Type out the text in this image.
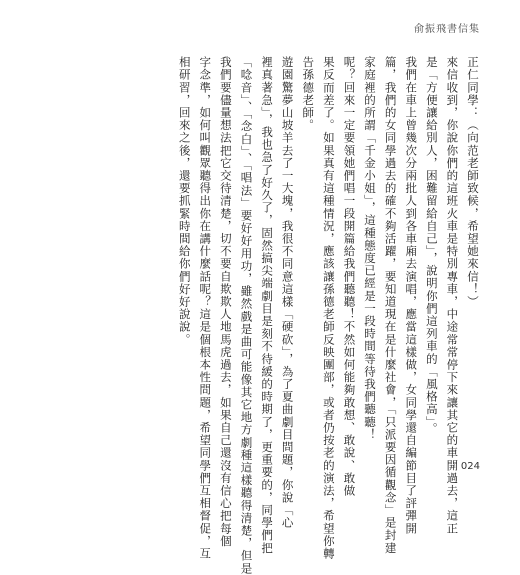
俞振飛書信集
正仁同學：（向范老師致候，希望她來信！）
來信收到，你說你們的這班火車是特別專車，中途常常停下來讓其它的車開過去，這正
是「方便讓給別人，困難留給自己」，說明你們這列車的「風格高」。
我們在車上曾幾次分兩批人到各車廂去演唱，應當這樣做，女同學還自編節目了評彈開
篇，我們的女同學過去的確不夠活躍，要知道現在是什麼社會，「只派要因循觀念」是封建
家庭裡的所謂「千金小姐」，這種態度已經是一段時間等待我們聽聽！
呢？回來一定要領她們唱一段開篇給我們聽聽！不然如何能夠敢想、敢說、敢做
果反而差了。如果真有這種情況，應該讓孫德老師反映團部，或者仍按老的演法，希望你轉
告孫德老師。
遊園驚夢山坡羊去了一大塊，我很不同意這樣「硬砍」，為了夏曲劇目問題，你說「心
裡真著急」，我也急了好久了，固然搞尖端劇目是刻不待緩的時期了，更重要的，同學們把
「唸音」、「念白」、「唱法」要好好用功，雖然戲是曲可能像其它地方劇種這樣聽得清楚，但是
我們要儘量想法把它交待清楚，切不要自欺欺人地馬虎過去，如果自己還沒有信心把每個
字念準，如何叫觀眾聽得出你在講什麼話呢？這是個根本性問題，希望同學們互相督促，互
相研習，回來之後，還要抓緊時間給你們好好說說。
024
